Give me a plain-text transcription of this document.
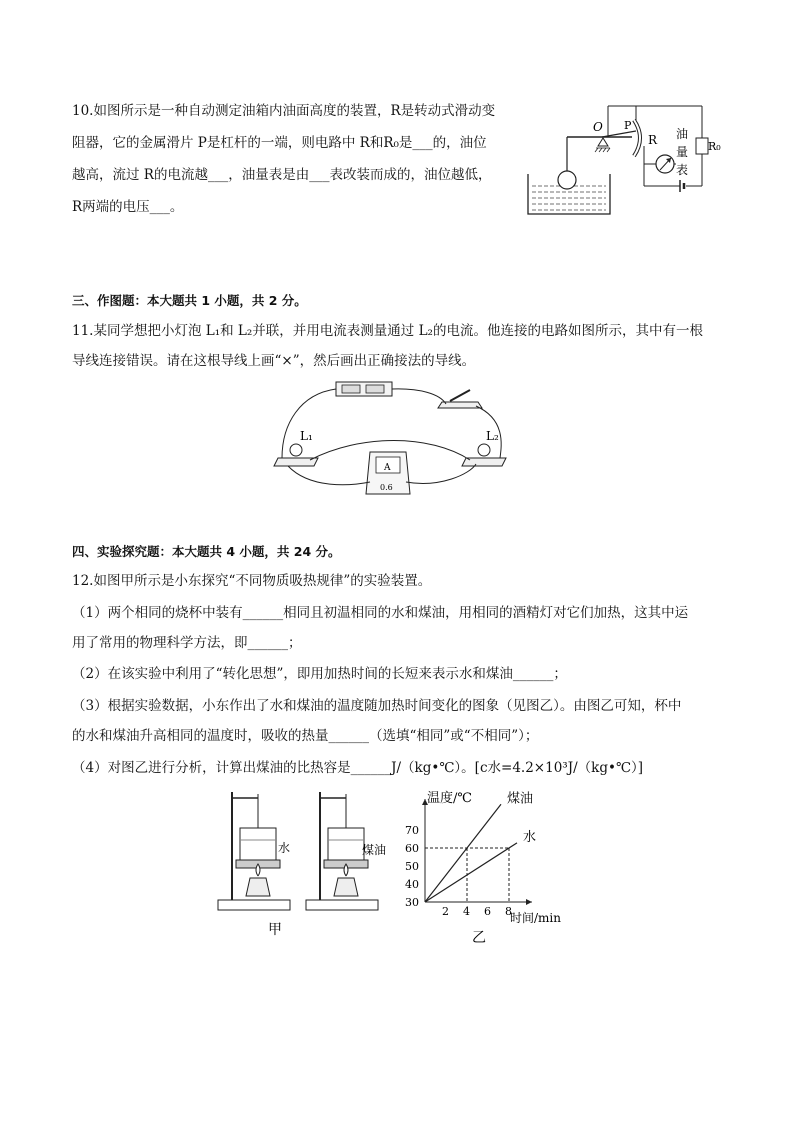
10.如图所示是一种自动测定油箱内油面高度的装置，R是转动式滑动变
阻器，它的金属滑片 P是杠杆的一端，则电路中 R和R₀是___的，油位
越高，流过 R的电流越___，油量表是由___表改装而成的，油位越低，
R两端的电压___。
O P
R	R₀
油
量
表
三、作图题：本大题共 1 小题，共 2 分。
11.某同学想把小灯泡 L₁和 L₂并联，并用电流表测量通过 L₂的电流。他连接的电路如图所示，其中有一根
导线连接错误。请在这根导线上画“×”，然后画出正确接法的导线。
L₁	L₂
A
0.6
四、实验探究题：本大题共 4 小题，共 24 分。
12.如图甲所示是小东探究“不同物质吸热规律”的实验装置。
（1）两个相同的烧杯中装有______相同且初温相同的水和煤油，用相同的酒精灯对它们加热，这其中运
用了常用的物理科学方法，即______；
（2）在该实验中利用了“转化思想”，即用加热时间的长短来表示水和煤油______；
（3）根据实验数据，小东作出了水和煤油的温度随加热时间变化的图象（见图乙）。由图乙可知，杯中
的水和煤油升高相同的温度时，吸收的热量______（选填“相同”或“不相同”）；
（4）对图乙进行分析，计算出煤油的比热容是______J/（kg•℃）。[c水=4.2×10³J/（kg•℃）]
水	煤油
甲
温度/℃
时间/min
乙
2 4 6 8
30
40
50
60
70
煤油
水
